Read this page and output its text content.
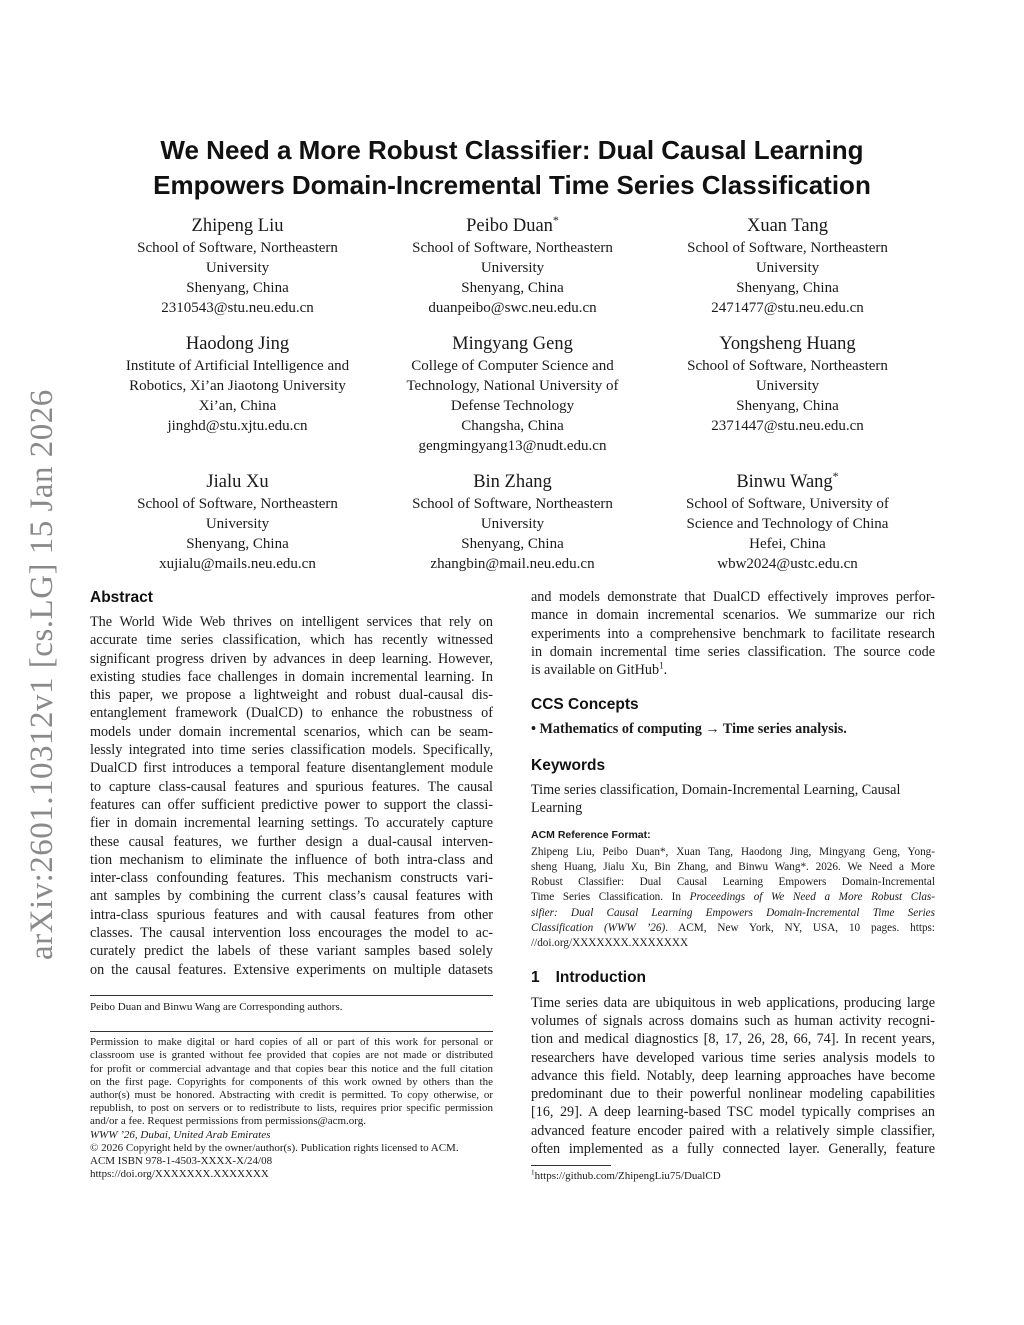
arXiv:2601.10312v1 [cs.LG] 15 Jan 2026
We Need a More Robust Classifier: Dual Causal Learning
Empowers Domain-Incremental Time Series Classification
Zhipeng Liu
School of Software, Northeastern
University
Shenyang, China
2310543@stu.neu.edu.cn
Peibo Duan*
School of Software, Northeastern
University
Shenyang, China
duanpeibo@swc.neu.edu.cn
Xuan Tang
School of Software, Northeastern
University
Shenyang, China
2471477@stu.neu.edu.cn
Haodong Jing
Institute of Artificial Intelligence and
Robotics, Xi’an Jiaotong University
Xi’an, China
jinghd@stu.xjtu.edu.cn
Mingyang Geng
College of Computer Science and
Technology, National University of
Defense Technology
Changsha, China
gengmingyang13@nudt.edu.cn
Yongsheng Huang
School of Software, Northeastern
University
Shenyang, China
2371447@stu.neu.edu.cn
Jialu Xu
School of Software, Northeastern
University
Shenyang, China
xujialu@mails.neu.edu.cn
Bin Zhang
School of Software, Northeastern
University
Shenyang, China
zhangbin@mail.neu.edu.cn
Binwu Wang*
School of Software, University of
Science and Technology of China
Hefei, China
wbw2024@ustc.edu.cn
Abstract
The World Wide Web thrives on intelligent services that rely on
accurate time series classification, which has recently witnessed
significant progress driven by advances in deep learning. However,
existing studies face challenges in domain incremental learning. In
this paper, we propose a lightweight and robust dual-causal dis-
entanglement framework (DualCD) to enhance the robustness of
models under domain incremental scenarios, which can be seam-
lessly integrated into time series classification models. Specifically,
DualCD first introduces a temporal feature disentanglement module
to capture class-causal features and spurious features. The causal
features can offer sufficient predictive power to support the classi-
fier in domain incremental learning settings. To accurately capture
these causal features, we further design a dual-causal interven-
tion mechanism to eliminate the influence of both intra-class and
inter-class confounding features. This mechanism constructs vari-
ant samples by combining the current class’s causal features with
intra-class spurious features and with causal features from other
classes. The causal intervention loss encourages the model to ac-
curately predict the labels of these variant samples based solely
on the causal features. Extensive experiments on multiple datasets
Peibo Duan and Binwu Wang are Corresponding authors.
Permission to make digital or hard copies of all or part of this work for personal or
classroom use is granted without fee provided that copies are not made or distributed
for profit or commercial advantage and that copies bear this notice and the full citation
on the first page. Copyrights for components of this work owned by others than the
author(s) must be honored. Abstracting with credit is permitted. To copy otherwise, or
republish, to post on servers or to redistribute to lists, requires prior specific permission
and/or a fee. Request permissions from permissions@acm.org.
WWW ’26, Dubai, United Arab Emirates
© 2026 Copyright held by the owner/author(s). Publication rights licensed to ACM.
ACM ISBN 978-1-4503-XXXX-X/24/08
https://doi.org/XXXXXXX.XXXXXXX
and models demonstrate that DualCD effectively improves perfor-
mance in domain incremental scenarios. We summarize our rich
experiments into a comprehensive benchmark to facilitate research
in domain incremental time series classification. The source code
is available on GitHub$^1$.
CCS Concepts
• Mathematics of computing → Time series analysis.
Keywords
Time series classification, Domain-Incremental Learning, Causal
Learning
ACM Reference Format:
Zhipeng Liu, Peibo Duan*, Xuan Tang, Haodong Jing, Mingyang Geng, Yong-
sheng Huang, Jialu Xu, Bin Zhang, and Binwu Wang*. 2026. We Need a More
Robust Classifier: Dual Causal Learning Empowers Domain-Incremental
Time Series Classification. In Proceedings of We Need a More Robust Clas-
sifier: Dual Causal Learning Empowers Domain-Incremental Time Series
Classification (WWW ’26). ACM, New York, NY, USA, 10 pages. https:
//doi.org/XXXXXXX.XXXXXXX
1 Introduction
Time series data are ubiquitous in web applications, producing large
volumes of signals across domains such as human activity recogni-
tion and medical diagnostics [8, 17, 26, 28, 66, 74]. In recent years,
researchers have developed various time series analysis models to
advance this field. Notably, deep learning approaches have become
predominant due to their powerful nonlinear modeling capabilities
[16, 29]. A deep learning-based TSC model typically comprises an
advanced feature encoder paired with a relatively simple classifier,
often implemented as a fully connected layer. Generally, feature
$^1$https://github.com/ZhipengLiu75/DualCD
